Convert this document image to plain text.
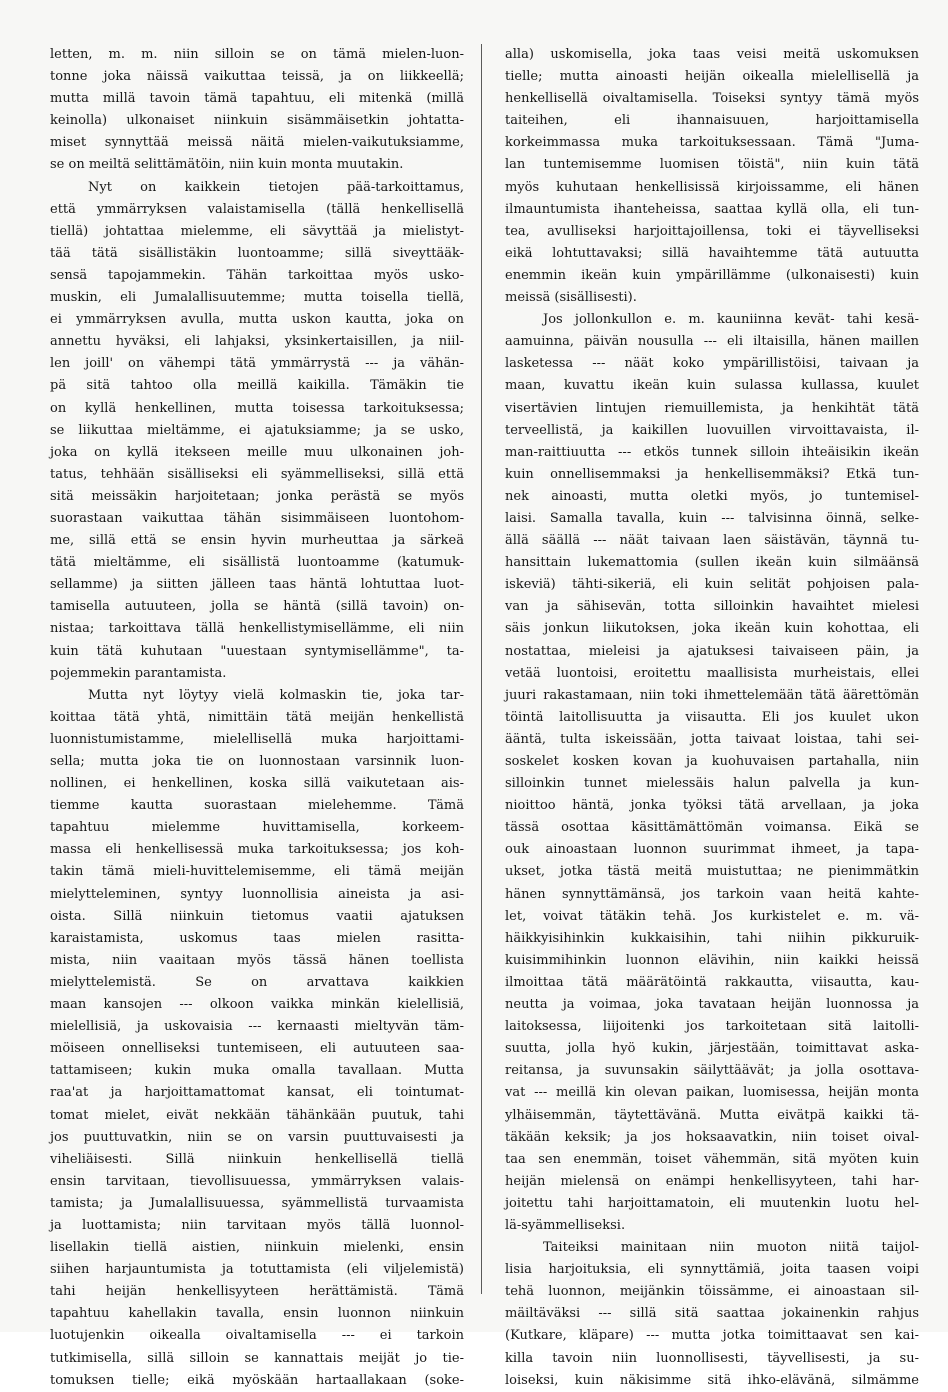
letten, m. m. niin silloin se on tämä mielen-luon-
tonne joka näissä vaikuttaa teissä, ja on liikkeellä;
mutta millä tavoin tämä tapahtuu, eli mitenkä (millä
keinolla) ulkonaiset niinkuin sisämmäisetkin johtatta-
miset synnyttää meissä näitä mielen-vaikutuksiamme,
se on meiltä selittämätöin, niin kuin monta muutakin.
Nyt on kaikkein tietojen pää-tarkoittamus,
että ymmärryksen valaistamisella (tällä henkellisellä
tiellä) johtattaa mielemme, eli sävyttää ja mielistyt-
tää tätä sisällistäkin luontoamme; sillä siveyttääk-
sensä tapojammekin. Tähän tarkoittaa myös usko-
muskin, eli Jumalallisuutemme; mutta toisella tiellä,
ei ymmärryksen avulla, mutta uskon kautta, joka on
annettu hyväksi, eli lahjaksi, yksinkertaisillen, ja niil-
len joill' on vähempi tätä ymmärrystä --- ja vähän-
pä sitä tahtoo olla meillä kaikilla. Tämäkin tie
on kyllä henkellinen, mutta toisessa tarkoituksessa;
se liikuttaa mieltämme, ei ajatuksiamme; ja se usko,
joka on kyllä itekseen meille muu ulkonainen joh-
tatus, tehhään sisälliseksi eli syämmelliseksi, sillä että
sitä meissäkin harjoitetaan; jonka perästä se myös
suorastaan vaikuttaa tähän sisimmäiseen luontohom-
me, sillä että se ensin hyvin murheuttaa ja särkeä
tätä mieltämme, eli sisällistä luontoamme (katumuk-
sellamme) ja siitten jälleen taas häntä lohtuttaa luot-
tamisella autuuteen, jolla se häntä (sillä tavoin) on-
nistaa; tarkoittava tällä henkellistymisellämme, eli niin
kuin tätä kuhutaan "uuestaan syntymisellämme", ta-
pojemmekin parantamista.
Mutta nyt löytyy vielä kolmaskin tie, joka tar-
koittaa tätä yhtä, nimittäin tätä meijän henkellistä
luonnistumistamme, mielellisellä muka harjoittami-
sella; mutta joka tie on luonnostaan varsinnik luon-
nollinen, ei henkellinen, koska sillä vaikutetaan ais-
tiemme kautta suorastaan mielehemme. Tämä
tapahtuu mielemme huvittamisella, korkeem-
massa eli henkellisessä muka tarkoituksessa; jos koh-
takin tämä mieli-huvittelemisemme, eli tämä meijän
mielytteleminen, syntyy luonnollisia aineista ja asi-
oista. Sillä niinkuin tietomus vaatii ajatuksen
karaistamista, uskomus taas mielen rasitta-
mista, niin vaaitaan myös tässä hänen toellista
mielyttelemistä. Se on arvattava kaikkien
maan kansojen --- olkoon vaikka minkän kielellisiä,
mielellisiä, ja uskovaisia --- kernaasti mieltyvän täm-
möiseen onnelliseksi tuntemiseen, eli autuuteen saa-
tattamiseen; kukin muka omalla tavallaan. Mutta
raa'at ja harjoittamattomat kansat, eli tointumat-
tomat mielet, eivät nekkään tähänkään puutuk, tahi
jos puuttuvatkin, niin se on varsin puuttuvaisesti ja
viheliäisesti. Sillä niinkuin henkellisellä tiellä
ensin tarvitaan, tievollisuuessa, ymmärryksen valais-
tamista; ja Jumalallisuuessa, syämmellistä turvaamista
ja luottamista; niin tarvitaan myös tällä luonnol-
lisellakin tiellä aistien, niinkuin mielenki, ensin
siihen harjauntumista ja totuttamista (eli viljelemistä)
tahi heijän henkellisyyteen herättämistä. Tämä
tapahtuu kahellakin tavalla, ensin luonnon niinkuin
luotujenkin oikealla oivaltamisella --- ei tarkoin
tutkimisella, sillä silloin se kannattais meijät jo tie-
tomuksen tielle; eikä myöskään hartaallakaan (soke-
alla) uskomisella, joka taas veisi meitä uskomuksen
tielle; mutta ainoasti heijän oikealla mielellisellä ja
henkellisellä oivaltamisella. Toiseksi syntyy tämä myös
taiteihen, eli ihannaisuuen, harjoittamisella
korkeimmassa muka tarkoituksessaan. Tämä "Juma-
lan tuntemisemme luomisen töistä", niin kuin tätä
myös kuhutaan henkellisissä kirjoissamme, eli hänen
ilmauntumista ihanteheissa, saattaa kyllä olla, eli tun-
tea, avulliseksi harjoittajoillensa, toki ei täyvelliseksi
eikä lohtuttavaksi; sillä havaihtemme tätä autuutta
enemmin ikeän kuin ympärillämme (ulkonaisesti) kuin
meissä (sisällisesti).
Jos jollonkullon e. m. kauniinna kevät- tahi kesä-
aamuinna, päivän nousulla --- eli iltaisilla, hänen maillen
lasketessa --- näät koko ympärillistöisi, taivaan ja
maan, kuvattu ikeän kuin sulassa kullassa, kuulet
visertävien lintujen riemuillemista, ja henkihtät tätä
terveellistä, ja kaikillen luovuillen virvoittavaista, il-
man-raittiuutta --- etkös tunnek silloin ihteäisikin ikeän
kuin onnellisemmaksi ja henkellisemmäksi? Etkä tun-
nek ainoasti, mutta oletki myös, jo tuntemisel-
laisi. Samalla tavalla, kuin --- talvisinna öinnä, selke-
ällä säällä --- näät taivaan laen säistävän, täynnä tu-
hansittain lukemattomia (sullen ikeän kuin silmäänsä
iskeviä) tähti-sikeriä, eli kuin selität pohjoisen pala-
van ja sähisevän, totta silloinkin havaihtet mielesi
säis jonkun liikutoksen, joka ikeän kuin kohottaa, eli
nostattaa, mieleisi ja ajatuksesi taivaiseen päin, ja
vetää luontoisi, eroitettu maallisista murheistais, ellei
juuri rakastamaan, niin toki ihmettelemään tätä äärettömän
töintä laitollisuutta ja viisautta. Eli jos kuulet ukon
ääntä, tulta iskeissään, jotta taivaat loistaa, tahi sei-
soskelet kosken kovan ja kuohuvaisen partahalla, niin
silloinkin tunnet mielessäis halun palvella ja kun-
nioittoo häntä, jonka työksi tätä arvellaan, ja joka
tässä osottaa käsittämättömän voimansa. Eikä se
ouk ainoastaan luonnon suurimmat ihmeet, ja tapa-
ukset, jotka tästä meitä muistuttaa; ne pienimmätkin
hänen synnyttämänsä, jos tarkoin vaan heitä kahte-
let, voivat tätäkin tehä. Jos kurkistelet e. m. vä-
häikkyisihinkin kukkaisihin, tahi niihin pikkuruik-
kuisimmihinkin luonnon elävihin, niin kaikki heissä
ilmoittaa tätä määrätöintä rakkautta, viisautta, kau-
neutta ja voimaa, joka tavataan heijän luonnossa ja
laitoksessa, liijoitenki jos tarkoitetaan sitä laitolli-
suutta, jolla hyö kukin, järjestään, toimittavat aska-
reitansa, ja suvunsakin säilyttäävät; ja jolla osottava-
vat --- meillä kin olevan paikan, luomisessa, heijän monta
ylhäisemmän, täytettävänä. Mutta eivätpä kaikki tä-
täkään keksik; ja jos hoksaavatkin, niin toiset oival-
taa sen enemmän, toiset vähemmän, sitä myöten kuin
heijän mielensä on enämpi henkellisyyteen, tahi har-
joitettu tahi harjoittamatoin, eli muutenkin luotu hel-
lä-syämmelliseksi.
Taiteiksi mainitaan niin muoton niitä taijol-
lisia harjoituksia, eli synnyttämiä, joita taasen voipi
tehä luonnon, meijänkin töissämme, ei ainoastaan sil-
mäiltäväksi --- sillä sitä saattaa jokainenkin rahjus
(Kutkare, kläpare) --- mutta jotka toimittaavat sen kai-
killa tavoin niin luonnollisesti, täyvellisesti, ja su-
loiseksi, kuin näkisimme sitä ihko-elävänä, silmämme
